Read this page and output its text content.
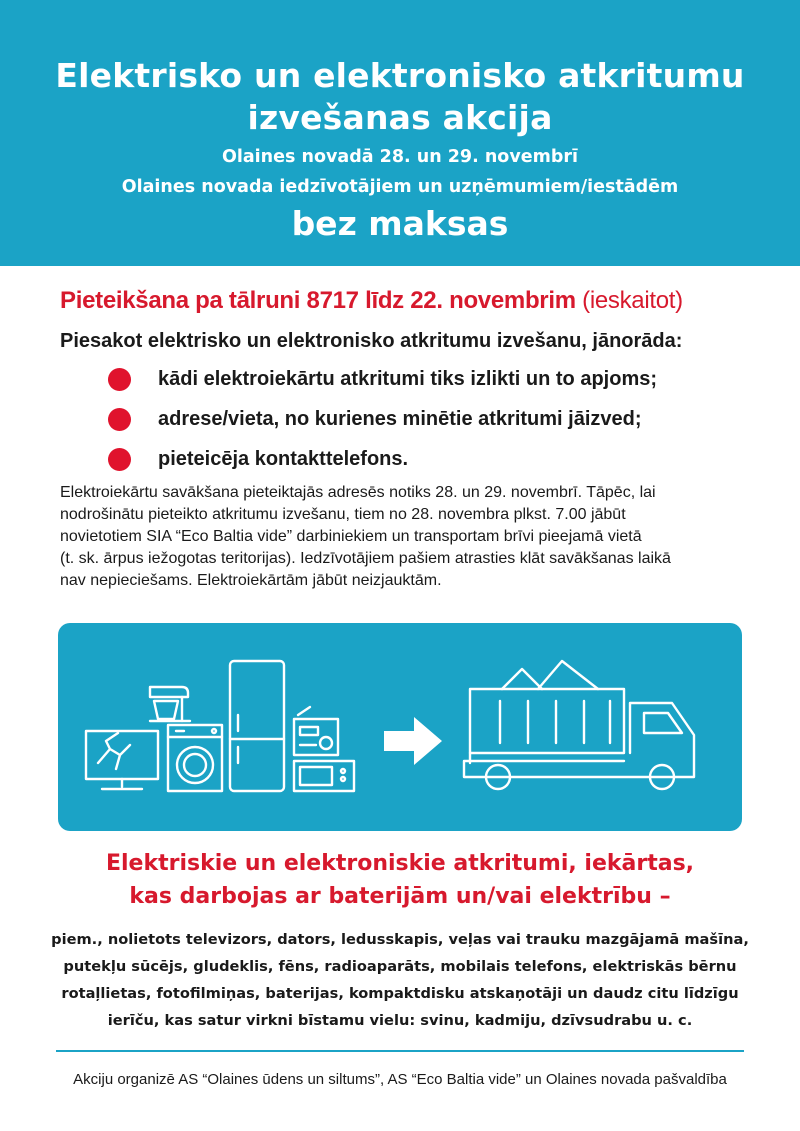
Elektrisko un elektronisko atkritumu
izvešanas akcija
Olaines novadā 28. un 29. novembrī
Olaines novada iedzīvotājiem un uzņēmumiem/iestādēm
bez maksas
Pieteikšana pa tālruni 8717 līdz 22. novembrim (ieskaitot)
Piesakot elektrisko un elektronisko atkritumu izvešanu, jānorāda:
kādi elektroiekārtu atkritumi tiks izlikti un to apjoms;
adrese/vieta, no kurienes minētie atkritumi jāizved;
pieteicēja kontakttelefons.
Elektroiekārtu savākšana pieteiktajās adresēs notiks 28. un 29. novembrī. Tāpēc, lai
nodrošinātu pieteikto atkritumu izvešanu, tiem no 28. novembra plkst. 7.00 jābūt
novietotiem SIA “Eco Baltia vide” darbiniekiem un transportam brīvi pieejamā vietā
(t. sk. ārpus iežogotas teritorijas). Iedzīvotājiem pašiem atrasties klāt savākšanas laikā
nav nepieciešams. Elektroiekārtām jābūt neizjauktām.
Elektriskie un elektroniskie atkritumi, iekārtas,
kas darbojas ar baterijām un/vai elektrību –
piem., nolietots televizors, dators, ledusskapis, veļas vai trauku mazgājamā mašīna,
putekļu sūcējs, gludeklis, fēns, radioaparāts, mobilais telefons, elektriskās bērnu
rotaļlietas, fotofilmiņas, baterijas, kompaktdisku atskaņotāji un daudz citu līdzīgu
ierīču, kas satur virkni bīstamu vielu: svinu, kadmiju, dzīvsudrabu u. c.
Akciju organizē AS “Olaines ūdens un siltums”, AS “Eco Baltia vide” un Olaines novada pašvaldība
